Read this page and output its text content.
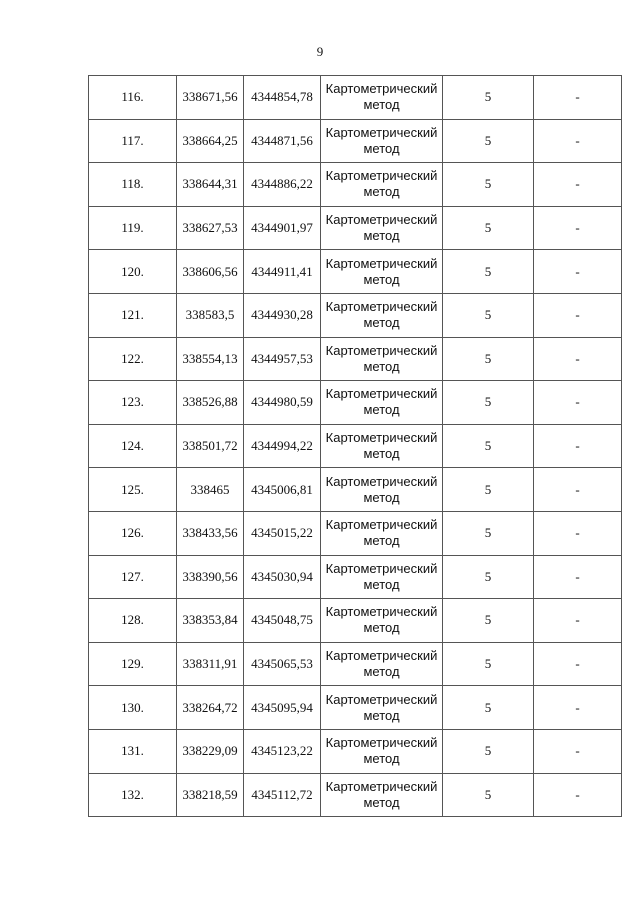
9
116.	338671,56	4344854,78	Картометрический метод	5	-
117.	338664,25	4344871,56	Картометрический метод	5	-
118.	338644,31	4344886,22	Картометрический метод	5	-
119.	338627,53	4344901,97	Картометрический метод	5	-
120.	338606,56	4344911,41	Картометрический метод	5	-
121.	338583,5	4344930,28	Картометрический метод	5	-
122.	338554,13	4344957,53	Картометрический метод	5	-
123.	338526,88	4344980,59	Картометрический метод	5	-
124.	338501,72	4344994,22	Картометрический метод	5	-
125.	338465	4345006,81	Картометрический метод	5	-
126.	338433,56	4345015,22	Картометрический метод	5	-
127.	338390,56	4345030,94	Картометрический метод	5	-
128.	338353,84	4345048,75	Картометрический метод	5	-
129.	338311,91	4345065,53	Картометрический метод	5	-
130.	338264,72	4345095,94	Картометрический метод	5	-
131.	338229,09	4345123,22	Картометрический метод	5	-
132.	338218,59	4345112,72	Картометрический метод	5	-
